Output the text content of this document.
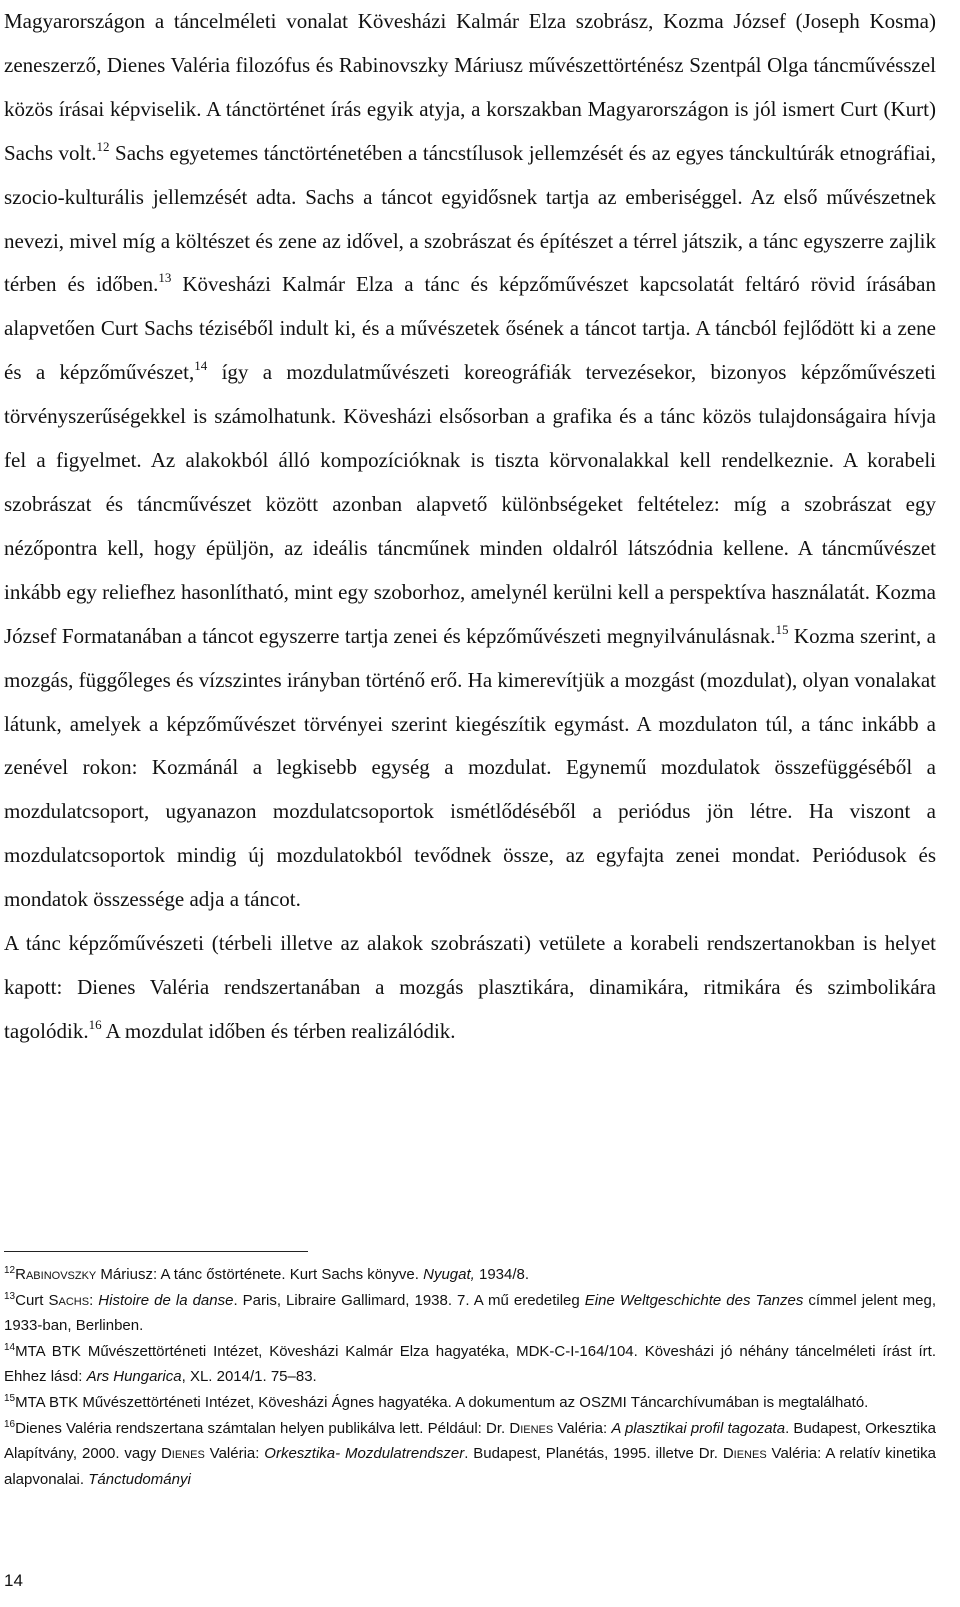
Magyarországon a táncelméleti vonalat Kövesházi Kalmár Elza szobrász, Kozma József (Joseph Kosma) zeneszerző, Dienes Valéria filozófus és Rabinovszky Máriusz művészettörténész Szentpál Olga táncművésszel közös írásai képviselik. A tánctörténet írás egyik atyja, a korszakban Magyarországon is jól ismert Curt (Kurt) Sachs volt.$^{12}$ Sachs egyetemes tánctörténetében a táncstílusok jellemzését és az egyes tánckultúrák etnográfiai, szocio-kulturális jellemzését adta. Sachs a táncot egyidősnek tartja az emberiséggel. Az első művészetnek nevezi, mivel míg a költészet és zene az idővel, a szobrászat és építészet a térrel játszik, a tánc egyszerre zajlik térben és időben.$^{13}$ Kövesházi Kalmár Elza a tánc és képzőművészet kapcsolatát feltáró rövid írásában alapvetően Curt Sachs téziséből indult ki, és a művészetek ősének a táncot tartja. A táncból fejlődött ki a zene és a képzőművészet,$^{14}$ így a mozdulatművészeti koreográfiák tervezésekor, bizonyos képzőművészeti törvényszerűségekkel is számolhatunk. Kövesházi elsősorban a grafika és a tánc közös tulajdonságaira hívja fel a figyelmet. Az alakokból álló kompozícióknak is tiszta körvonalakkal kell rendelkeznie. A korabeli szobrászat és táncművészet között azonban alapvető különbségeket feltételez: míg a szobrászat egy nézőpontra kell, hogy épüljön, az ideális táncműnek minden oldalról látszódnia kellene. A táncművészet inkább egy reliefhez hasonlítható, mint egy szoborhoz, amelynél kerülni kell a perspektíva használatát. Kozma József Formatanában a táncot egyszerre tartja zenei és képzőművészeti megnyilvánulásnak.$^{15}$ Kozma szerint, a mozgás, függőleges és vízszintes irányban történő erő. Ha kimerevítjük a mozgást (mozdulat), olyan vonalakat látunk, amelyek a képzőművészet törvényei szerint kiegészítik egymást. A mozdulaton túl, a tánc inkább a zenével rokon: Kozmánál a legkisebb egység a mozdulat. Egynemű mozdulatok összefüggéséből a mozdulatcsoport, ugyanazon mozdulatcsoportok ismétlődéséből a periódus jön létre. Ha viszont a mozdulatcsoportok mindig új mozdulatokból tevődnek össze, az egyfajta zenei mondat. Periódusok és mondatok összessége adja a táncot.

A tánc képzőművészeti (térbeli illetve az alakok szobrászati) vetülete a korabeli rendszertanokban is helyet kapott: Dienes Valéria rendszertanában a mozgás plasztikára, dinamikára, ritmikára és szimbolikára tagolódik.$^{16}$ A mozdulat időben és térben realizálódik.

$^{12}$Rabinovszky Máriusz: A tánc őstörténete. Kurt Sachs könyve. Nyugat, 1934/8.

$^{13}$Curt Sachs: Histoire de la danse. Paris, Libraire Gallimard, 1938. 7. A mű eredetileg Eine Weltgeschichte des Tanzes címmel jelent meg, 1933-ban, Berlinben.

$^{14}$MTA BTK Művészettörténeti Intézet, Kövesházi Kalmár Elza hagyatéka, MDK-C-I-164/104. Kövesházi jó néhány táncelméleti írást írt. Ehhez lásd: Ars Hungarica, XL. 2014/1. 75–83.

$^{15}$MTA BTK Művészettörténeti Intézet, Kövesházi Ágnes hagyatéka. A dokumentum az OSZMI Táncarchívumában is megtalálható.

$^{16}$Dienes Valéria rendszertana számtalan helyen publikálva lett. Például: Dr. Dienes Valéria: A plasztikai profil tagozata. Budapest, Orkesztika Alapítvány, 2000. vagy Dienes Valéria: Orkesztika- Mozdulatrendszer. Budapest, Planétás, 1995. illetve Dr. Dienes Valéria: A relatív kinetika alapvonalai. Tánctudományi

14
